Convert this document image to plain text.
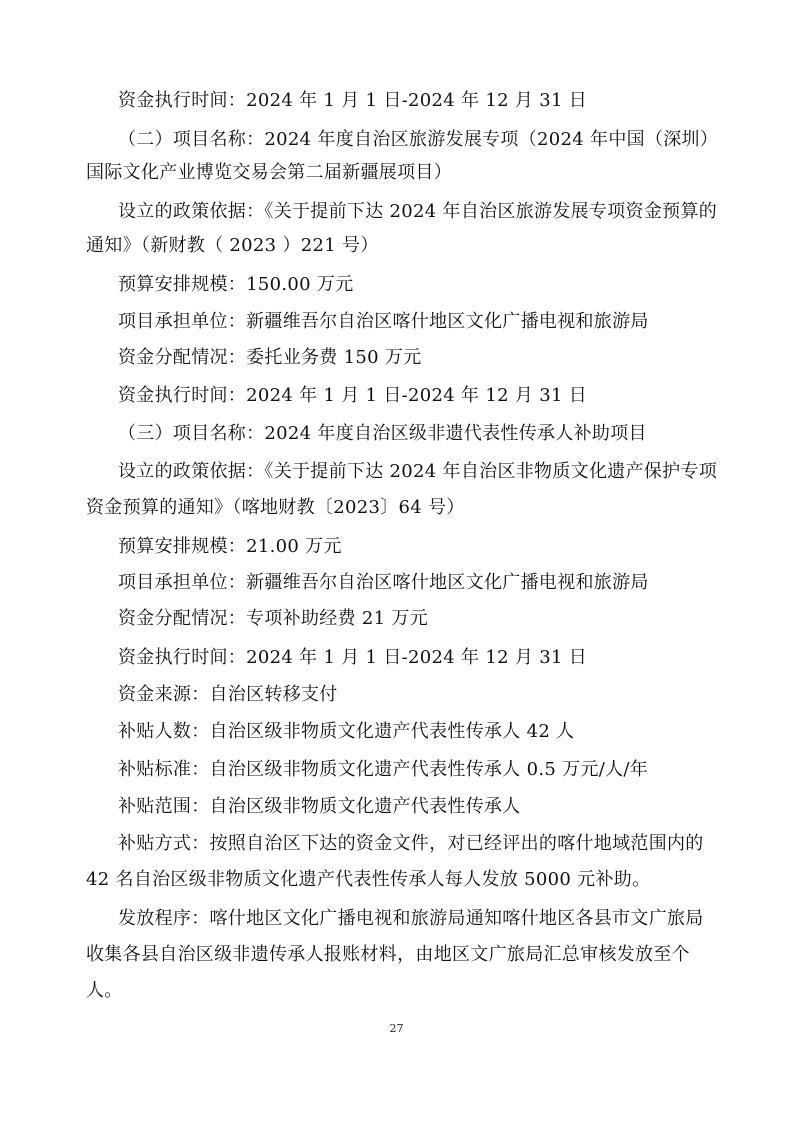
资金执行时间：2024 年 1 月 1 日-2024 年 12 月 31 日
（二）项目名称：2024 年度自治区旅游发展专项（2024 年中国（深圳）
国际文化产业博览交易会第二届新疆展项目）
设立的政策依据：《关于提前下达 2024 年自治区旅游发展专项资金预算的
通知》（新财教（ 2023 ）221 号）
预算安排规模：150.00 万元
项目承担单位：新疆维吾尔自治区喀什地区文化广播电视和旅游局
资金分配情况：委托业务费 150 万元
资金执行时间：2024 年 1 月 1 日-2024 年 12 月 31 日
（三）项目名称：2024 年度自治区级非遗代表性传承人补助项目
设立的政策依据：《关于提前下达 2024 年自治区非物质文化遗产保护专项
资金预算的通知》（喀地财教〔2023〕64 号）
预算安排规模：21.00 万元
项目承担单位：新疆维吾尔自治区喀什地区文化广播电视和旅游局
资金分配情况：专项补助经费 21 万元
资金执行时间：2024 年 1 月 1 日-2024 年 12 月 31 日
资金来源：自治区转移支付
补贴人数：自治区级非物质文化遗产代表性传承人 42 人
补贴标准：自治区级非物质文化遗产代表性传承人 0.5 万元/人/年
补贴范围：自治区级非物质文化遗产代表性传承人
补贴方式：按照自治区下达的资金文件，对已经评出的喀什地域范围内的
42 名自治区级非物质文化遗产代表性传承人每人发放 5000 元补助。
发放程序：喀什地区文化广播电视和旅游局通知喀什地区各县市文广旅局
收集各县自治区级非遗传承人报账材料，由地区文广旅局汇总审核发放至个
人。
27
